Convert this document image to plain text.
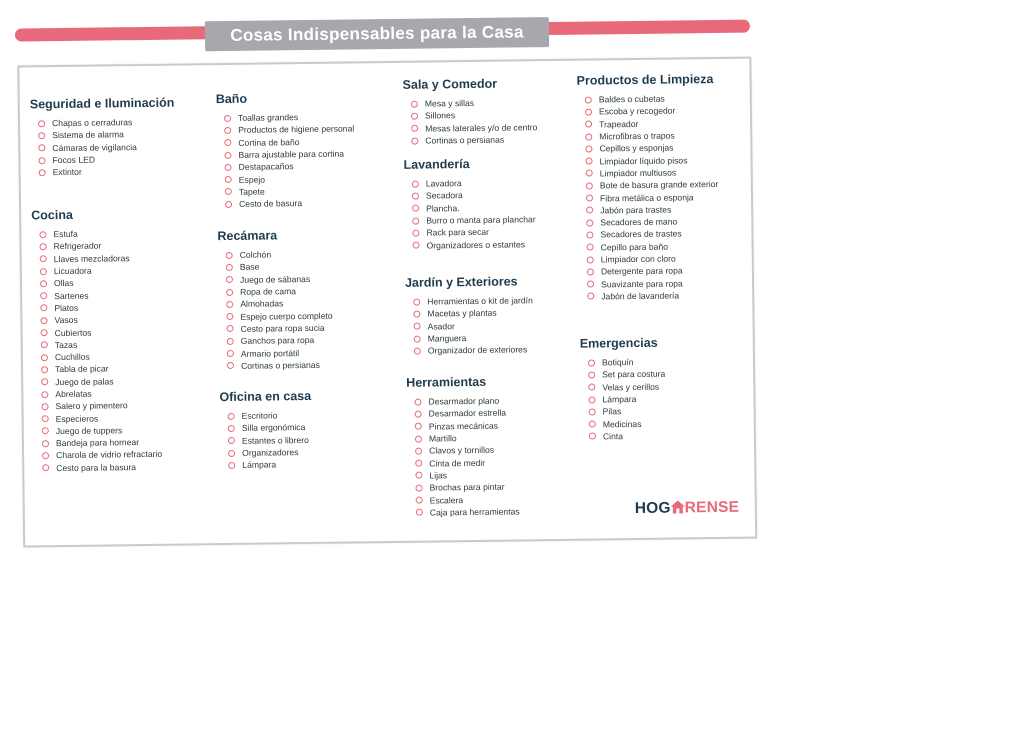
Cosas Indispensables para la Casa
Seguridad e Iluminación
Chapas o cerraduras
Sistema de alarma
Cámaras de vigilancia
Focos LED
Extintor
Cocina
Estufa
Refrigerador
Llaves mezcladoras
Licuadora
Ollas
Sartenes
Platos
Vasos
Cubiertos
Tazas
Cuchillos
Tabla de picar
Juego de palas
Abrelatas
Salero y pimentero
Especieros
Juego de tuppers
Bandeja para hornear
Charola de vidrio refractario
Cesto para la basura
Baño
Toallas grandes
Productos de higiene personal
Cortina de baño
Barra ajustable para cortina
Destapacaños
Espejo
Tapete
Cesto de basura
Recámara
Colchón
Base
Juego de sábanas
Ropa de cama
Almohadas
Espejo cuerpo completo
Cesto para ropa sucia
Ganchos para ropa
Armario portátil
Cortinas o persianas
Oficina en casa
Escritorio
Silla ergonómica
Estantes o librero
Organizadores
Lámpara
Sala y Comedor
Mesa y sillas
Sillones
Mesas laterales y/o de centro
Cortinas o persianas
Lavandería
Lavadora
Secadora
Plancha.
Burro o manta para planchar
Rack para secar
Organizadores o estantes
Jardín y Exteriores
Herramientas o kit de jardín
Macetas y plantas
Asador
Manguera
Organizador de exteriores
Herramientas
Desarmador plano
Desarmador estrella
Pinzas mecánicas
Martillo
Clavos y tornillos
Cinta de medir
Lijas
Brochas para pintar
Escalera
Caja para herramientas
Productos de Limpieza
Baldes o cubetas
Escoba y recogedor
Trapeador
Microfibras o trapos
Cepillos y esponjas
Limpiador líquido pisos
Limpiador multiusos
Bote de basura grande exterior
Fibra metálica o esponja
Jabón para trastes
Secadores de mano
Secadores de trastes
Cepillo para baño
Limpiador con cloro
Detergente para ropa
Suavizante para ropa
Jabón de lavandería
Emergencias
Botiquín
Set para costura
Velas y cerillos
Lámpara
Pilas
Medicinas
Cinta
HOG RENSE
